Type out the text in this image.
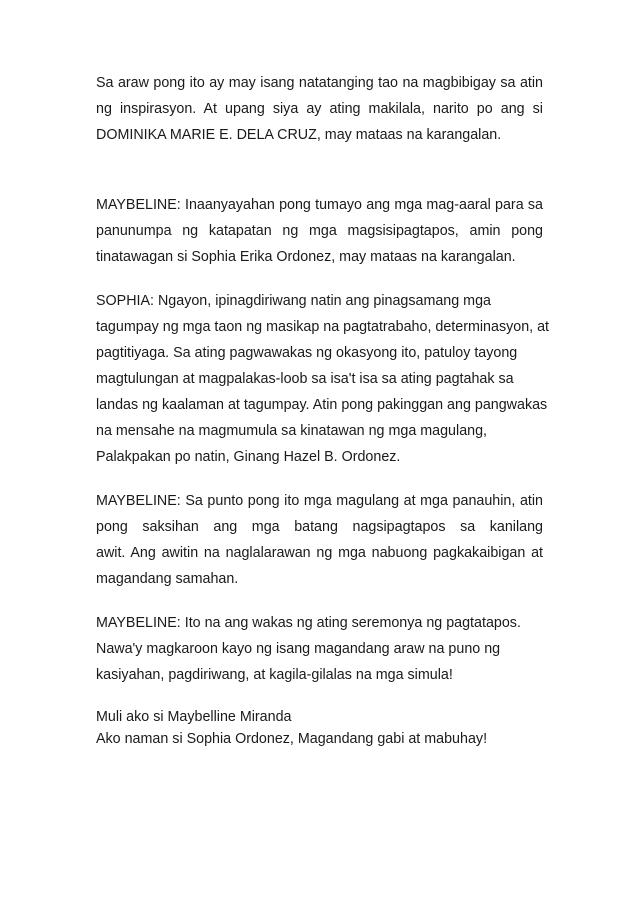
Sa araw pong ito ay may isang natatanging tao na magbibigay sa atin
ng inspirasyon. At upang siya ay ating makilala, narito po ang si
DOMINIKA MARIE E. DELA CRUZ, may mataas na karangalan.
MAYBELINE: Inaanyayahan pong tumayo ang mga mag-aaral para sa
panunumpa ng katapatan ng mga magsisipagtapos, amin pong
tinatawagan si Sophia Erika Ordonez, may mataas na karangalan.
SOPHIA: Ngayon, ipinagdiriwang natin ang pinagsamang mga
tagumpay ng mga taon ng masikap na pagtatrabaho, determinasyon, at
pagtitiyaga. Sa ating pagwawakas ng okasyong ito, patuloy tayong
magtulungan at magpalakas-loob sa isa't isa sa ating pagtahak sa
landas ng kaalaman at tagumpay. Atin pong pakinggan ang pangwakas
na mensahe na magmumula sa kinatawan ng mga magulang,
Palakpakan po natin, Ginang Hazel B. Ordonez.
MAYBELINE: Sa punto pong ito mga magulang at mga panauhin, atin
pong saksihan ang mga batang nagsipagtapos sa kanilang
awit. Ang awitin na naglalarawan ng mga nabuong pagkakaibigan at
magandang samahan.
MAYBELINE: Ito na ang wakas ng ating seremonya ng pagtatapos.
Nawa'y magkaroon kayo ng isang magandang araw na puno ng
kasiyahan, pagdiriwang, at kagila-gilalas na mga simula!
Muli ako si Maybelline Miranda
Ako naman si Sophia Ordonez, Magandang gabi at mabuhay!
